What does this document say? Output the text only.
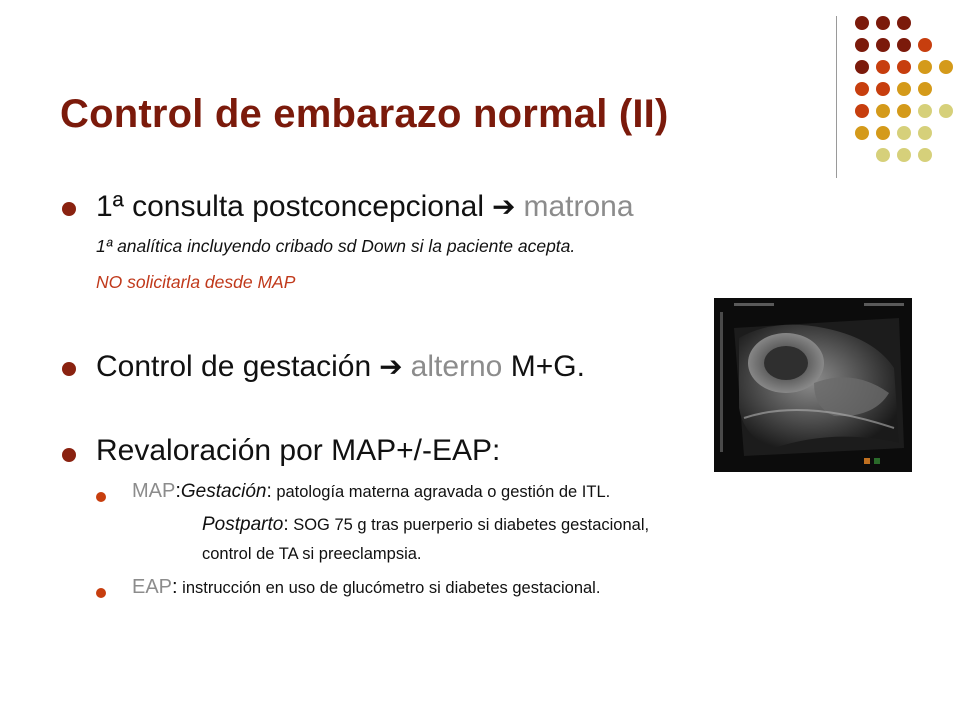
Control de embarazo normal (II)
1ª consulta postconcepcional ➔ matrona
1ª analítica incluyendo cribado sd Down si la paciente acepta.
NO solicitarla desde MAP
Control de gestación ➔ alterno M+G.
Revaloración por MAP+/-EAP:
MAP:Gestación: patología materna agravada o gestión de ITL.
Postparto: SOG 75 g tras puerperio si diabetes gestacional,
control de TA si preeclampsia.
EAP: instrucción en uso de glucómetro si diabetes gestacional.
